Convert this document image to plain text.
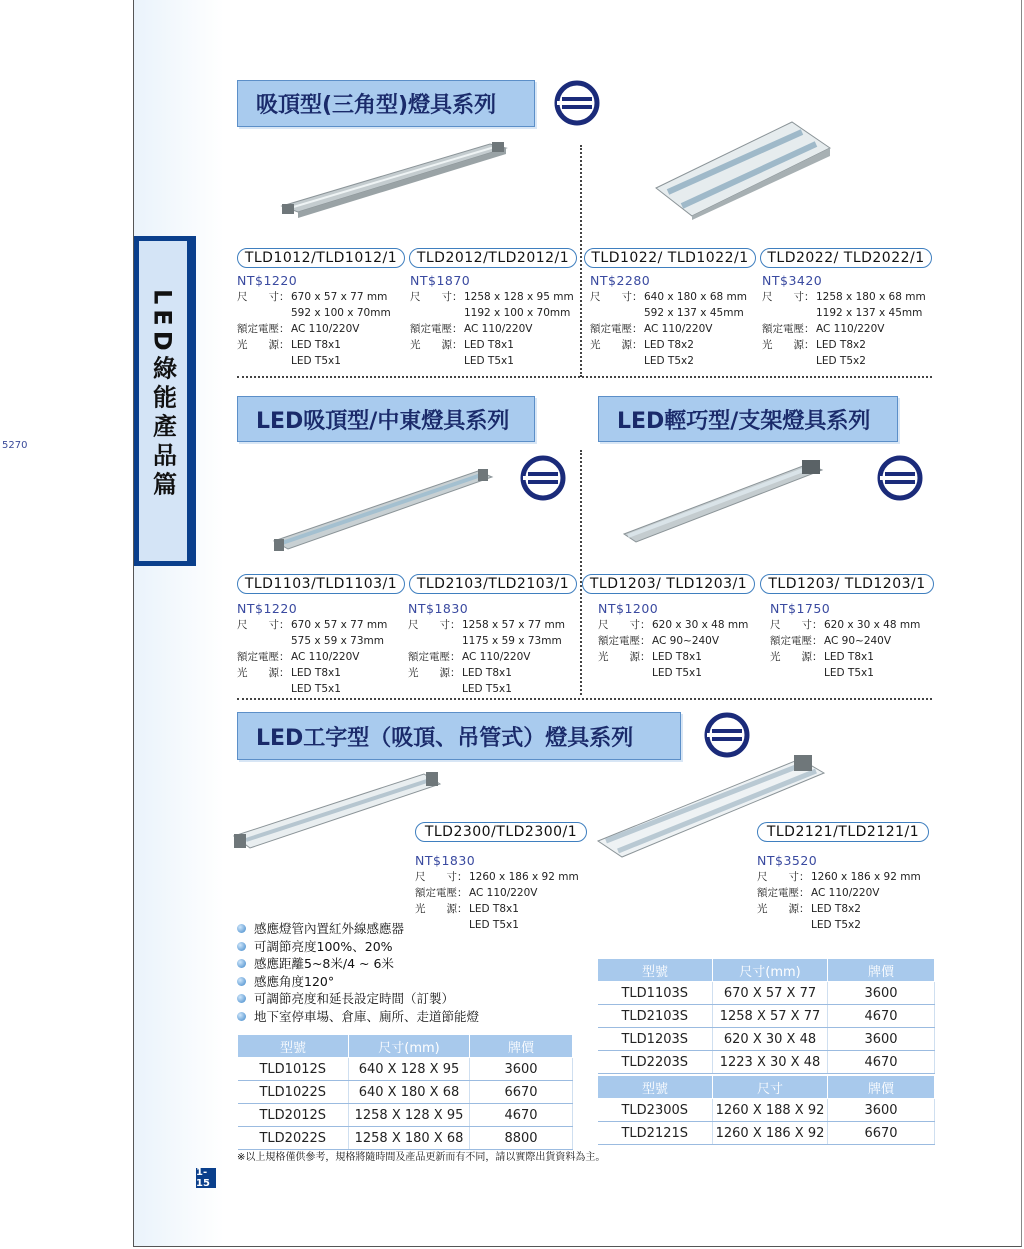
5270	LED綠能產品篇
吸頂型(三角型)燈具系列
TLD1012/TLD1012/1	TLD2012/TLD2012/1	TLD1022/ TLD1022/1	TLD2022/ TLD2022/1
NT$1220
尺　　寸： 670 x 57 x 77 mm
592 x 100 x 70mm
額定電壓： AC 110/220V
光　　源： LED T8x1
LED T5x1
NT$1870
尺　　寸： 1258 x 128 x 95 mm
1192 x 100 x 70mm
額定電壓： AC 110/220V
光　　源： LED T8x1
LED T5x1
NT$2280
尺　　寸： 640 x 180 x 68 mm
592 x 137 x 45mm
額定電壓： AC 110/220V
光　　源： LED T8x2
LED T5x2
NT$3420
尺　　寸： 1258 x 180 x 68 mm
1192 x 137 x 45mm
額定電壓： AC 110/220V
光　　源： LED T8x2
LED T5x2
LED吸頂型/中東燈具系列	LED輕巧型/支架燈具系列
TLD1103/TLD1103/1	TLD2103/TLD2103/1	TLD1203/ TLD1203/1	TLD1203/ TLD1203/1
NT$1220
尺　　寸： 670 x 57 x 77 mm
575 x 59 x 73mm
額定電壓： AC 110/220V
光　　源： LED T8x1
LED T5x1
NT$1830
尺　　寸： 1258 x 57 x 77 mm
1175 x 59 x 73mm
額定電壓： AC 110/220V
光　　源： LED T8x1
LED T5x1
NT$1200
尺　　寸： 620 x 30 x 48 mm
額定電壓： AC 90~240V
光　　源： LED T8x1
LED T5x1
NT$1750
尺　　寸： 620 x 30 x 48 mm
額定電壓： AC 90~240V
光　　源： LED T8x1
LED T5x1
LED工字型（吸頂、吊管式）燈具系列
TLD2300/TLD2300/1	TLD2121/TLD2121/1
NT$1830
尺　　寸： 1260 x 186 x 92 mm
額定電壓： AC 110/220V
光　　源： LED T8x1
LED T5x1
NT$3520
尺　　寸： 1260 x 186 x 92 mm
額定電壓： AC 110/220V
光　　源： LED T8x2
LED T5x2
感應燈管內置紅外線感應器
可調節亮度100%、20%
感應距離5~8米/4 ~ 6米
感應角度120°
可調節亮度和延長設定時間（訂製）
地下室停車場、倉庫、廁所、走道節能燈
型號	尺寸(mm)	牌價
TLD1012S	640 X 128 X 95	3600
TLD1022S	640 X 180 X 68	6670
TLD2012S	1258 X 128 X 95	4670
TLD2022S	1258 X 180 X 68	8800
型號	尺寸(mm)	牌價
TLD1103S	670 X 57 X 77	3600
TLD2103S	1258 X 57 X 77	4670
TLD1203S	620 X 30 X 48	3600
TLD2203S	1223 X 30 X 48	4670
型號	尺寸	牌價
TLD2300S	1260 X 188 X 92	3600
TLD2121S	1260 X 186 X 92	6670
※以上規格僅供參考，規格將隨時間及產品更新而有不同，請以實際出貨資料為主。
1-15
